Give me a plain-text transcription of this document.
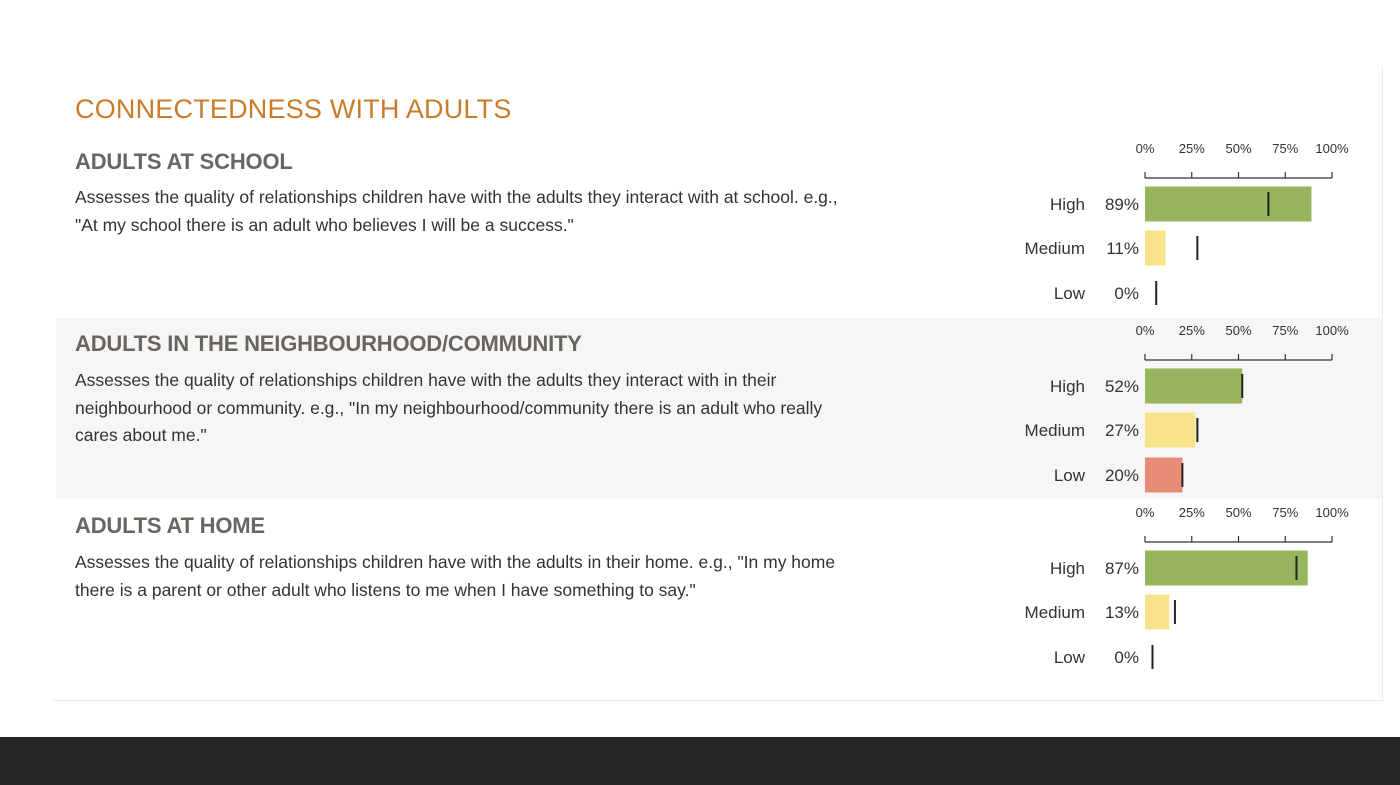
CONNECTEDNESS WITH ADULTS
ADULTS AT SCHOOL

Assesses the quality of relationships children have with the adults they interact with at school. e.g., "At my school there is an adult who believes I will be a success."

0% 25% 50% 75% 100%
High 89%
Medium 11%
Low 0%
ADULTS IN THE NEIGHBOURHOOD/COMMUNITY

Assesses the quality of relationships children have with the adults they interact with in their neighbourhood or community. e.g., "In my neighbourhood/community there is an adult who really cares about me."

0% 25% 50% 75% 100%
High 52%
Medium 27%
Low 20%
ADULTS AT HOME

Assesses the quality of relationships children have with the adults in their home. e.g., "In my home there is a parent or other adult who listens to me when I have something to say."

0% 25% 50% 75% 100%
High 87%
Medium 13%
Low 0%
